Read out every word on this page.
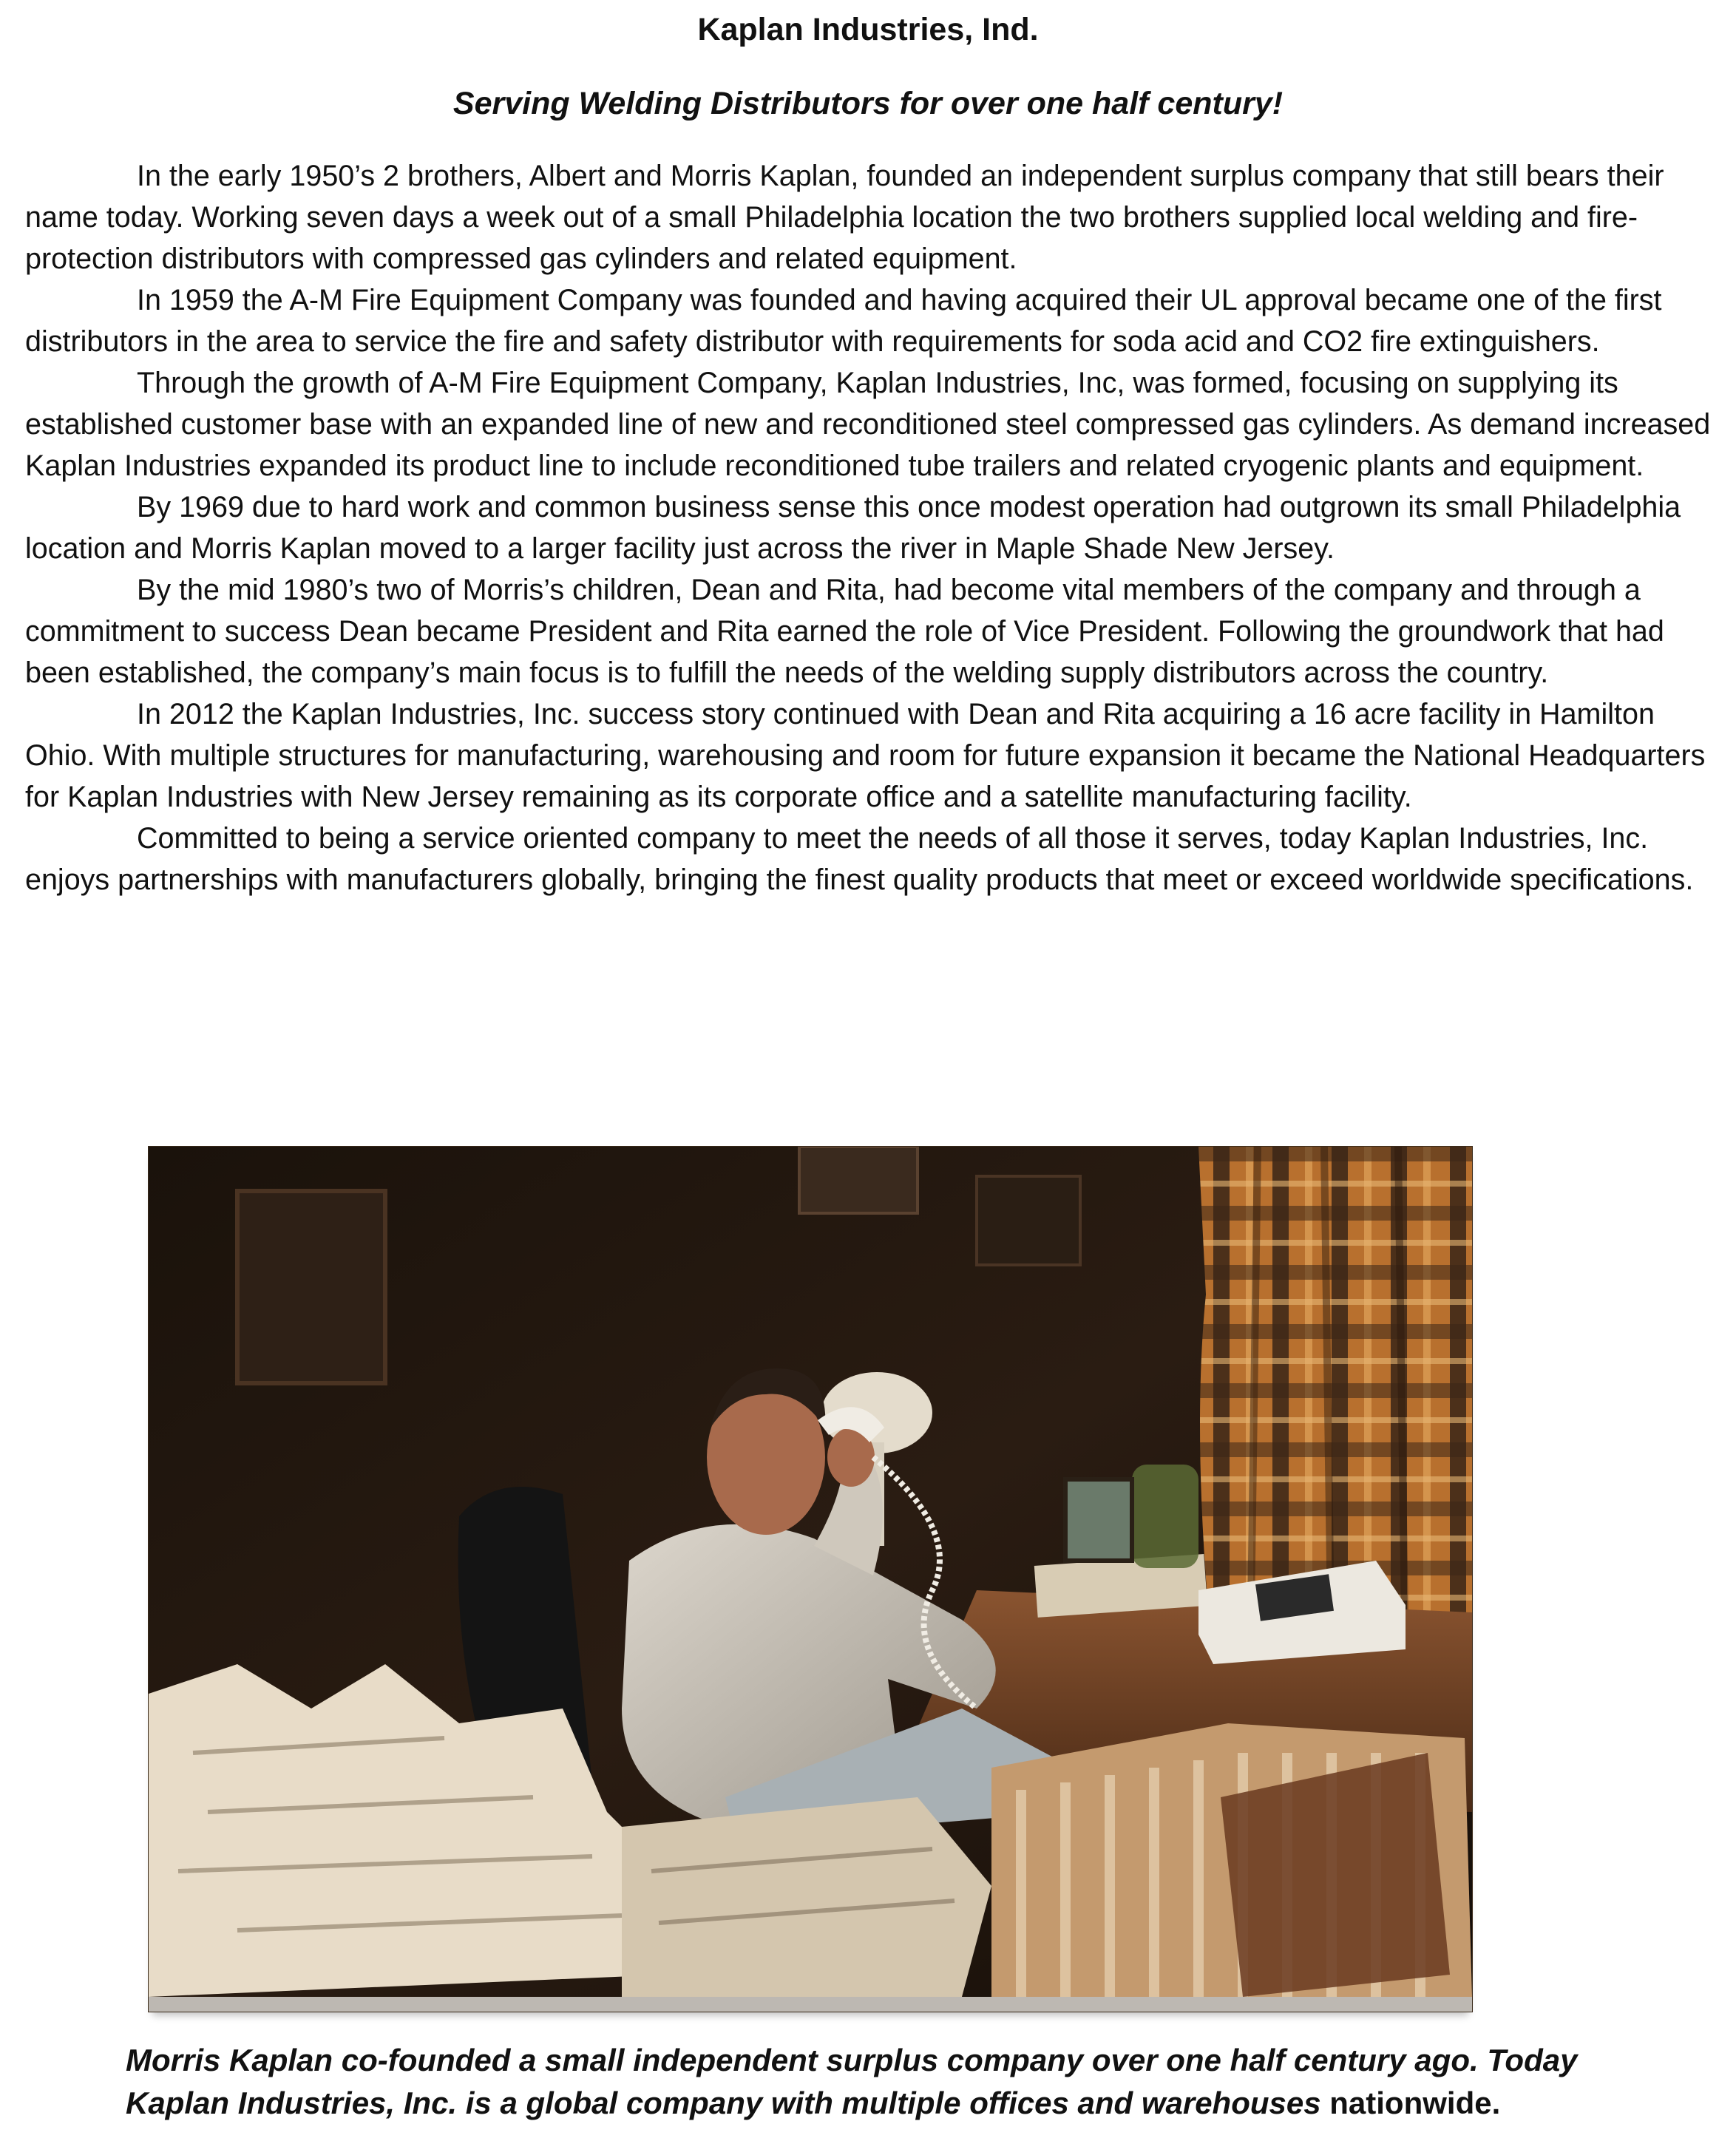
Kaplan Industries, Ind.
Serving Welding Distributors for over one half century!

In the early 1950’s 2 brothers, Albert and Morris Kaplan, founded an independent surplus company that still bears their name today. Working seven days a week out of a small Philadelphia location the two brothers supplied local welding and fire-protection distributors with compressed gas cylinders and related equipment.

In 1959 the A-M Fire Equipment Company was founded and having acquired their UL approval became one of the first distributors in the area to service the fire and safety distributor with requirements for soda acid and CO2 fire extinguishers.

Through the growth of A-M Fire Equipment Company, Kaplan Industries, Inc, was formed, focusing on supplying its established customer base with an expanded line of new and reconditioned steel compressed gas cylinders. As demand increased Kaplan Industries expanded its product line to include reconditioned tube trailers and related cryogenic plants and equipment.

By 1969 due to hard work and common business sense this once modest operation had outgrown its small Philadelphia location and Morris Kaplan moved to a larger facility just across the river in Maple Shade New Jersey.

By the mid 1980’s two of Morris’s children, Dean and Rita, had become vital members of the company and through a commitment to success Dean became President and Rita earned the role of Vice President. Following the groundwork that had been established, the company’s main focus is to fulfill the needs of the welding supply distributors across the country.

In 2012 the Kaplan Industries, Inc. success story continued with Dean and Rita acquiring a 16 acre facility in Hamilton Ohio. With multiple structures for manufacturing, warehousing and room for future expansion it became the National Headquarters for Kaplan Industries with New Jersey remaining as its corporate office and a satellite manufacturing facility.

Committed to being a service oriented company to meet the needs of all those it serves, today Kaplan Industries, Inc. enjoys partnerships with manufacturers globally, bringing the finest quality products that meet or exceed worldwide specifications.

Morris Kaplan co-founded a small independent surplus company over one half century ago. Today Kaplan Industries, Inc. is a global company with multiple offices and warehouses nationwide.
